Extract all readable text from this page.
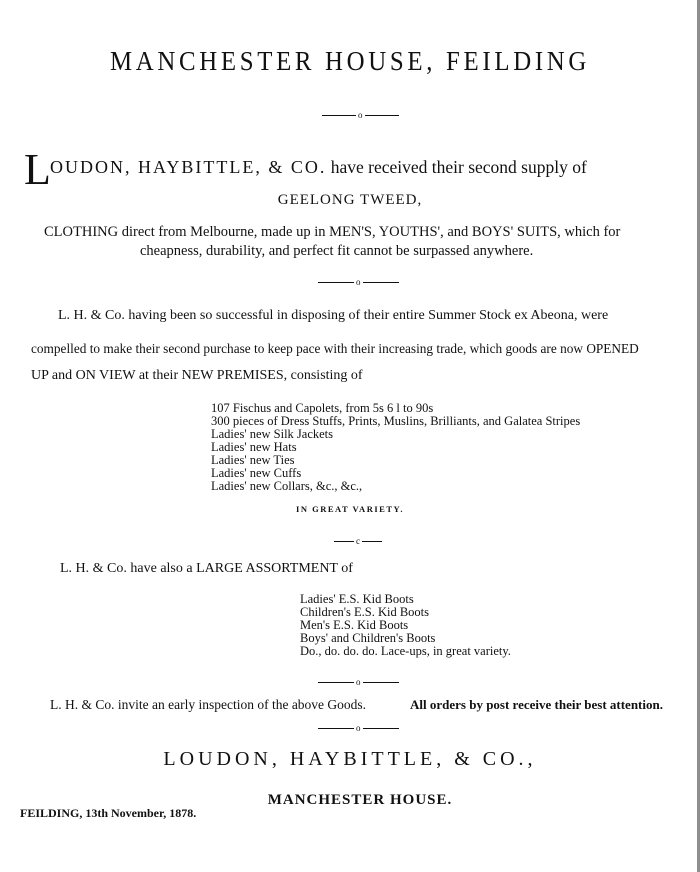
MANCHESTER HOUSE, FEILDING
o
L OUDON, HAYBITTLE, & CO. have received their second supply of
GEELONG TWEED,
CLOTHING direct from Melbourne, made up in MEN'S, YOUTHS', and BOYS' SUITS, which for
cheapness, durability, and perfect fit cannot be surpassed anywhere.
o
L. H. & Co. having been so successful in disposing of their entire Summer Stock ex Abeona, were
compelled to make their second purchase to keep pace with their increasing trade, which goods are now OPENED
UP and ON VIEW at their NEW PREMISES, consisting of
107 Fischus and Capolets, from 5s 6 l to 90s
300 pieces of Dress Stuffs, Prints, Muslins, Brilliants, and Galatea Stripes
Ladies' new Silk Jackets
Ladies' new Hats
Ladies' new Ties
Ladies' new Cuffs
Ladies' new Collars, &c., &c.,
IN GREAT VARIETY.
c
L. H. & Co. have also a LARGE ASSORTMENT of
Ladies' E.S. Kid Boots
Children's E.S. Kid Boots
Men's E.S. Kid Boots
Boys' and Children's Boots
Do., do. do. do. Lace-ups, in great variety.
o
L. H. & Co. invite an early inspection of the above Goods.	All orders by post receive their best attention.
o
LOUDON, HAYBITTLE, & CO.,
MANCHESTER HOUSE.
FEILDING, 13th November, 1878.
